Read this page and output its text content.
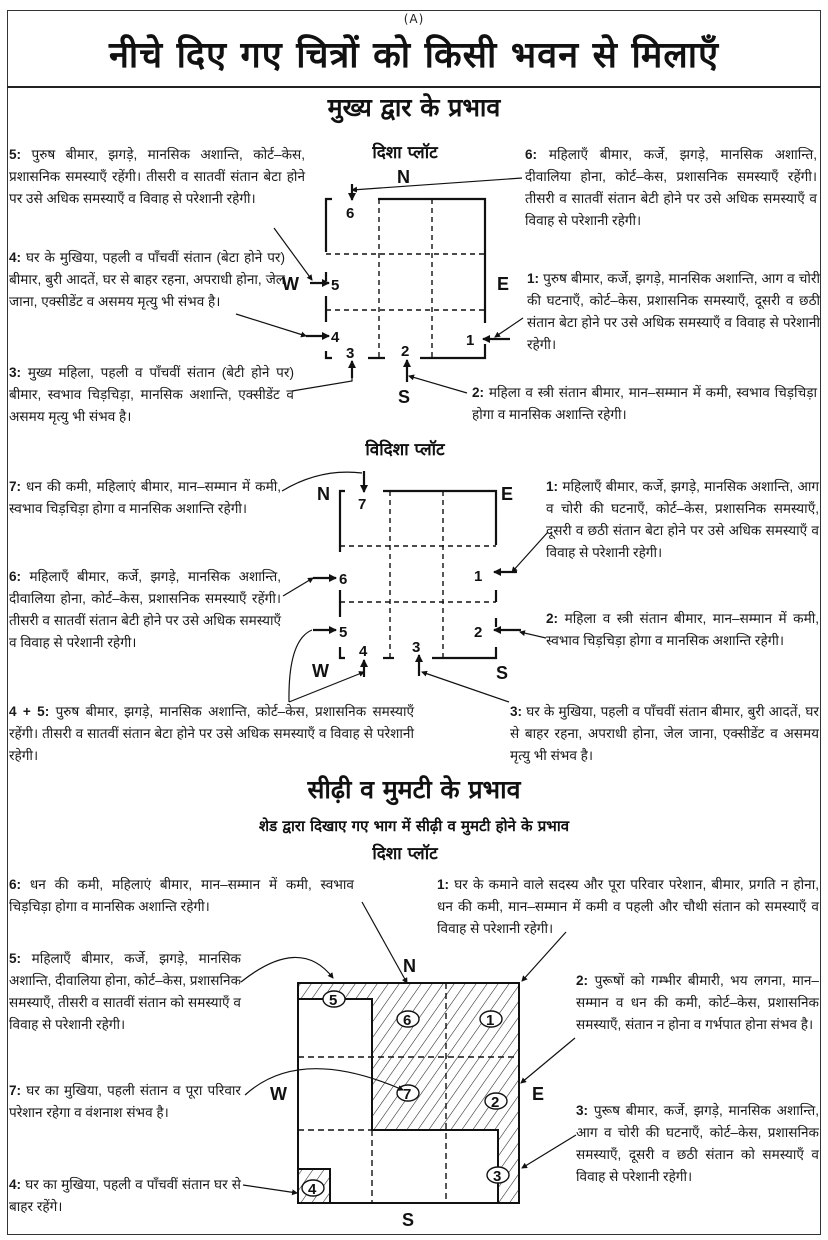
(A)
नीचे दिए गए चित्रों को किसी भवन से मिलाएँ
मुख्य द्वार के प्रभाव
दिशा प्लॉट
5: पुरुष बीमार, झगड़े, मानसिक अशान्ति, कोर्ट–केस, प्रशासनिक समस्याएँ रहेंगी। तीसरी व सातवीं संतान बेटा होने पर उसे अधिक समस्याएँ व विवाह से परेशानी रहेगी।
4: घर के मुखिया, पहली व पाँचवीं संतान (बेटा होने पर) बीमार, बुरी आदतें, घर से बाहर रहना, अपराधी होना, जेल जाना, एक्सीडेंट व असमय मृत्यु भी संभव है।
3: मुख्य महिला, पहली व पाँचवीं संतान (बेटी होने पर) बीमार, स्वभाव चिड़चिड़ा, मानसिक अशान्ति, एक्सीडेंट व असमय मृत्यु भी संभव है।
6: महिलाएँ बीमार, कर्जे, झगड़े, मानसिक अशान्ति, दीवालिया होना, कोर्ट–केस, प्रशासनिक समस्याएँ रहेंगी। तीसरी व सातवीं संतान बेटी होने पर उसे अधिक समस्याएँ व विवाह से परेशानी रहेगी।
1: पुरुष बीमार, कर्जे, झगड़े, मानसिक अशान्ति, आग व चोरी की घटनाएँ, कोर्ट–केस, प्रशासनिक समस्याएँ, दूसरी व छठी संतान बेटा होने पर उसे अधिक समस्याएँ व विवाह से परेशानी रहेगी।
2: महिला व स्त्री संतान बीमार, मान–सम्मान में कमी, स्वभाव चिड़चिड़ा होगा व मानसिक अशान्ति रहेगी।
विदिशा प्लॉट
7: धन की कमी, महिलाएं बीमार, मान–सम्मान में कमी, स्वभाव चिड़चिड़ा होगा व मानसिक अशान्ति रहेगी।
6: महिलाएँ बीमार, कर्जे, झगड़े, मानसिक अशान्ति, दीवालिया होना, कोर्ट–केस, प्रशासनिक समस्याएँ रहेंगी। तीसरी व सातवीं संतान बेटी होने पर उसे अधिक समस्याएँ व विवाह से परेशानी रहेगी।
4 + 5: पुरुष बीमार, झगड़े, मानसिक अशान्ति, कोर्ट–केस, प्रशासनिक समस्याएँ रहेंगी। तीसरी व सातवीं संतान बेटा होने पर उसे अधिक समस्याएँ व विवाह से परेशानी रहेगी।
1: महिलाएँ बीमार, कर्जे, झगड़े, मानसिक अशान्ति, आग व चोरी की घटनाएँ, कोर्ट–केस, प्रशासनिक समस्याएँ, दूसरी व छठी संतान बेटा होने पर उसे अधिक समस्याएँ व विवाह से परेशानी रहेगी।
2: महिला व स्त्री संतान बीमार, मान–सम्मान में कमी, स्वभाव चिड़चिड़ा होगा व मानसिक अशान्ति रहेगी।
3: घर के मुखिया, पहली व पाँचवीं संतान बीमार, बुरी आदतें, घर से बाहर रहना, अपराधी होना, जेल जाना, एक्सीडेंट व असमय मृत्यु भी संभव है।
सीढ़ी व मुमटी के प्रभाव
शेड द्वारा दिखाए गए भाग में सीढ़ी व मुमटी होने के प्रभाव
दिशा प्लॉट
6: धन की कमी, महिलाएं बीमार, मान–सम्मान में कमी, स्वभाव चिड़चिड़ा होगा व मानसिक अशान्ति रहेगी।
5: महिलाएँ बीमार, कर्जे, झगड़े, मानसिक अशान्ति, दीवालिया होना, कोर्ट–केस, प्रशासनिक समस्याएँ, तीसरी व सातवीं संतान को समस्याएँ व विवाह से परेशानी रहेगी।
7: घर का मुखिया, पहली संतान व पूरा परिवार परेशान रहेगा व वंशनाश संभव है।
4: घर का मुखिया, पहली व पाँचवीं संतान घर से बाहर रहेंगे।
1: घर के कमाने वाले सदस्य और पूरा परिवार परेशान, बीमार, प्रगति न होना, धन की कमी, मान–सम्मान में कमी व पहली और चौथी संतान को समस्याएँ व विवाह से परेशानी रहेगी।
2: पुरूषों को गम्भीर बीमारी, भय लगना, मान–सम्मान व धन की कमी, कोर्ट–केस, प्रशासनिक समस्याएँ, संतान न होना व गर्भपात होना संभव है।
3: पुरूष बीमार, कर्जे, झगड़े, मानसिक अशान्ति, आग व चोरी की घटनाएँ, कोर्ट–केस, प्रशासनिक समस्याएँ, दूसरी व छठी संतान को समस्याएँ व विवाह से परेशानी रहेगी।
N
E
S
W
6
5
4
3	2
1
N	E
S
W
7
6
5
4	3
1
2
N
E
S
W
5
6	1
7	2
3
4
